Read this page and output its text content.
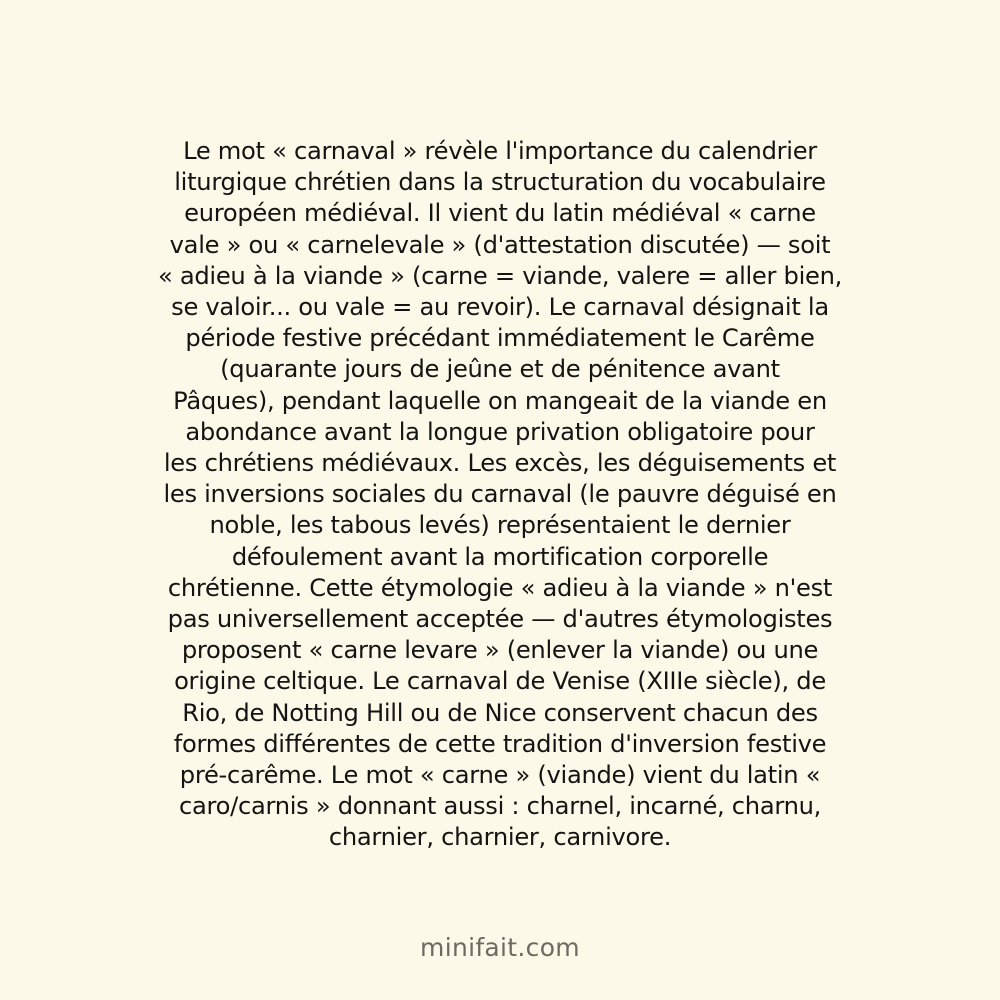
Le mot « carnaval » révèle l'importance du calendrier
liturgique chrétien dans la structuration du vocabulaire
européen médiéval. Il vient du latin médiéval « carne
vale » ou « carnelevale » (d'attestation discutée) — soit
« adieu à la viande » (carne = viande, valere = aller bien,
se valoir... ou vale = au revoir). Le carnaval désignait la
période festive précédant immédiatement le Carême
(quarante jours de jeûne et de pénitence avant
Pâques), pendant laquelle on mangeait de la viande en
abondance avant la longue privation obligatoire pour
les chrétiens médiévaux. Les excès, les déguisements et
les inversions sociales du carnaval (le pauvre déguisé en
noble, les tabous levés) représentaient le dernier
défoulement avant la mortification corporelle
chrétienne. Cette étymologie « adieu à la viande » n'est
pas universellement acceptée — d'autres étymologistes
proposent « carne levare » (enlever la viande) ou une
origine celtique. Le carnaval de Venise (XIIIe siècle), de
Rio, de Notting Hill ou de Nice conservent chacun des
formes différentes de cette tradition d'inversion festive
pré-carême. Le mot « carne » (viande) vient du latin «
caro/carnis » donnant aussi : charnel, incarné, charnu,
charnier, charnier, carnivore.

minifait.com
